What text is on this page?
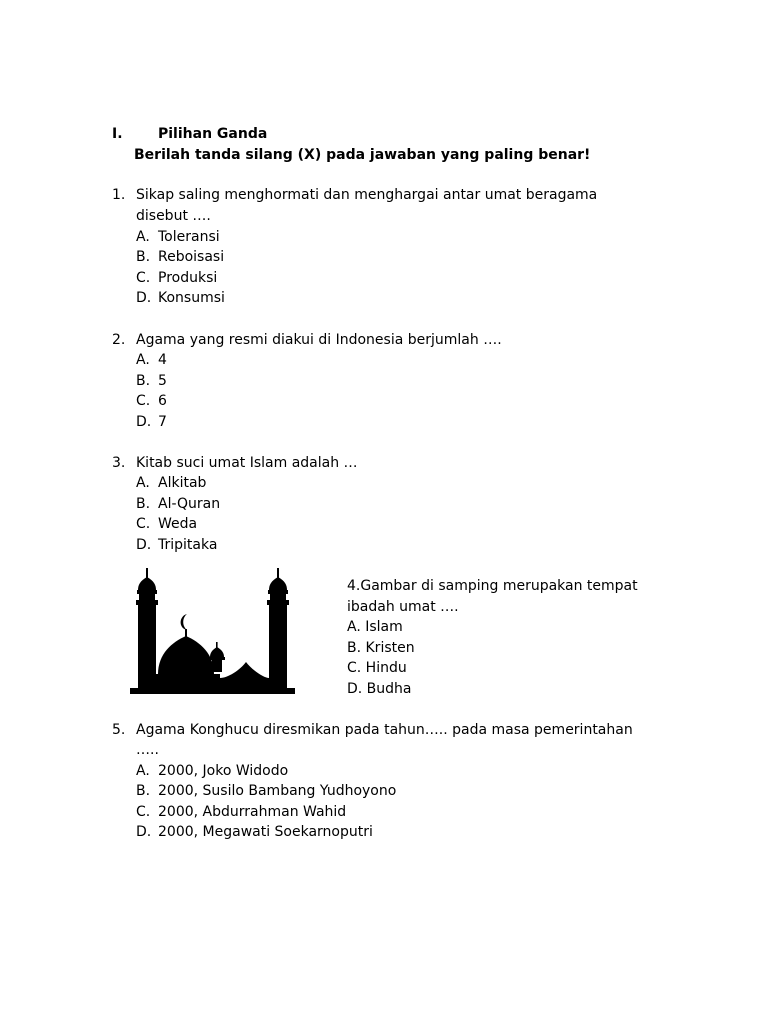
I.	Pilihan Ganda
Berilah tanda silang (X) pada jawaban yang paling benar!
1. Sikap saling menghormati dan menghargai antar umat beragama
disebut ….
A. Toleransi
B. Reboisasi
C. Produksi
D. Konsumsi
2. Agama yang resmi diakui di Indonesia berjumlah ….
A. 4
B. 5
C. 6
D. 7
3. Kitab suci umat Islam adalah …
A. Alkitab
B. Al-Quran
C. Weda
D. Tripitaka
4.Gambar di samping merupakan tempat
ibadah umat ….
A. Islam
B. Kristen
C. Hindu
D. Budha
5. Agama Konghucu diresmikan pada tahun….. pada masa pemerintahan
…..
A. 2000, Joko Widodo
B. 2000, Susilo Bambang Yudhoyono
C. 2000, Abdurrahman Wahid
D. 2000, Megawati Soekarnoputri
